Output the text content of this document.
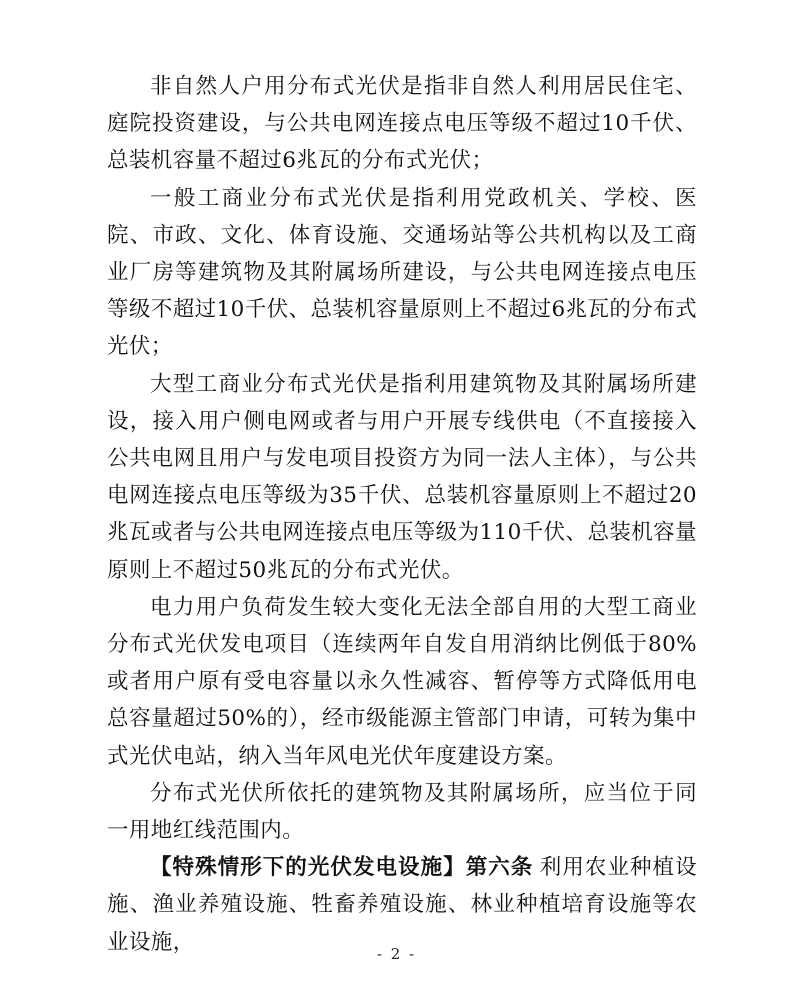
非自然人户用分布式光伏是指非自然人利用居民住宅、庭院投资建设，与公共电网连接点电压等级不超过10千伏、总装机容量不超过6兆瓦的分布式光伏；

一般工商业分布式光伏是指利用党政机关、学校、医院、市政、文化、体育设施、交通场站等公共机构以及工商业厂房等建筑物及其附属场所建设，与公共电网连接点电压等级不超过10千伏、总装机容量原则上不超过6兆瓦的分布式光伏；

大型工商业分布式光伏是指利用建筑物及其附属场所建设，接入用户侧电网或者与用户开展专线供电（不直接接入公共电网且用户与发电项目投资方为同一法人主体），与公共电网连接点电压等级为35千伏、总装机容量原则上不超过20兆瓦或者与公共电网连接点电压等级为110千伏、总装机容量原则上不超过50兆瓦的分布式光伏。

电力用户负荷发生较大变化无法全部自用的大型工商业分布式光伏发电项目（连续两年自发自用消纳比例低于80%或者用户原有受电容量以永久性减容、暂停等方式降低用电总容量超过50%的），经市级能源主管部门申请，可转为集中式光伏电站，纳入当年风电光伏年度建设方案。

分布式光伏所依托的建筑物及其附属场所，应当位于同一用地红线范围内。

【特殊情形下的光伏发电设施】第六条 利用农业种植设施、渔业养殖设施、牲畜养殖设施、林业种植培育设施等农业设施，	- 2 -
